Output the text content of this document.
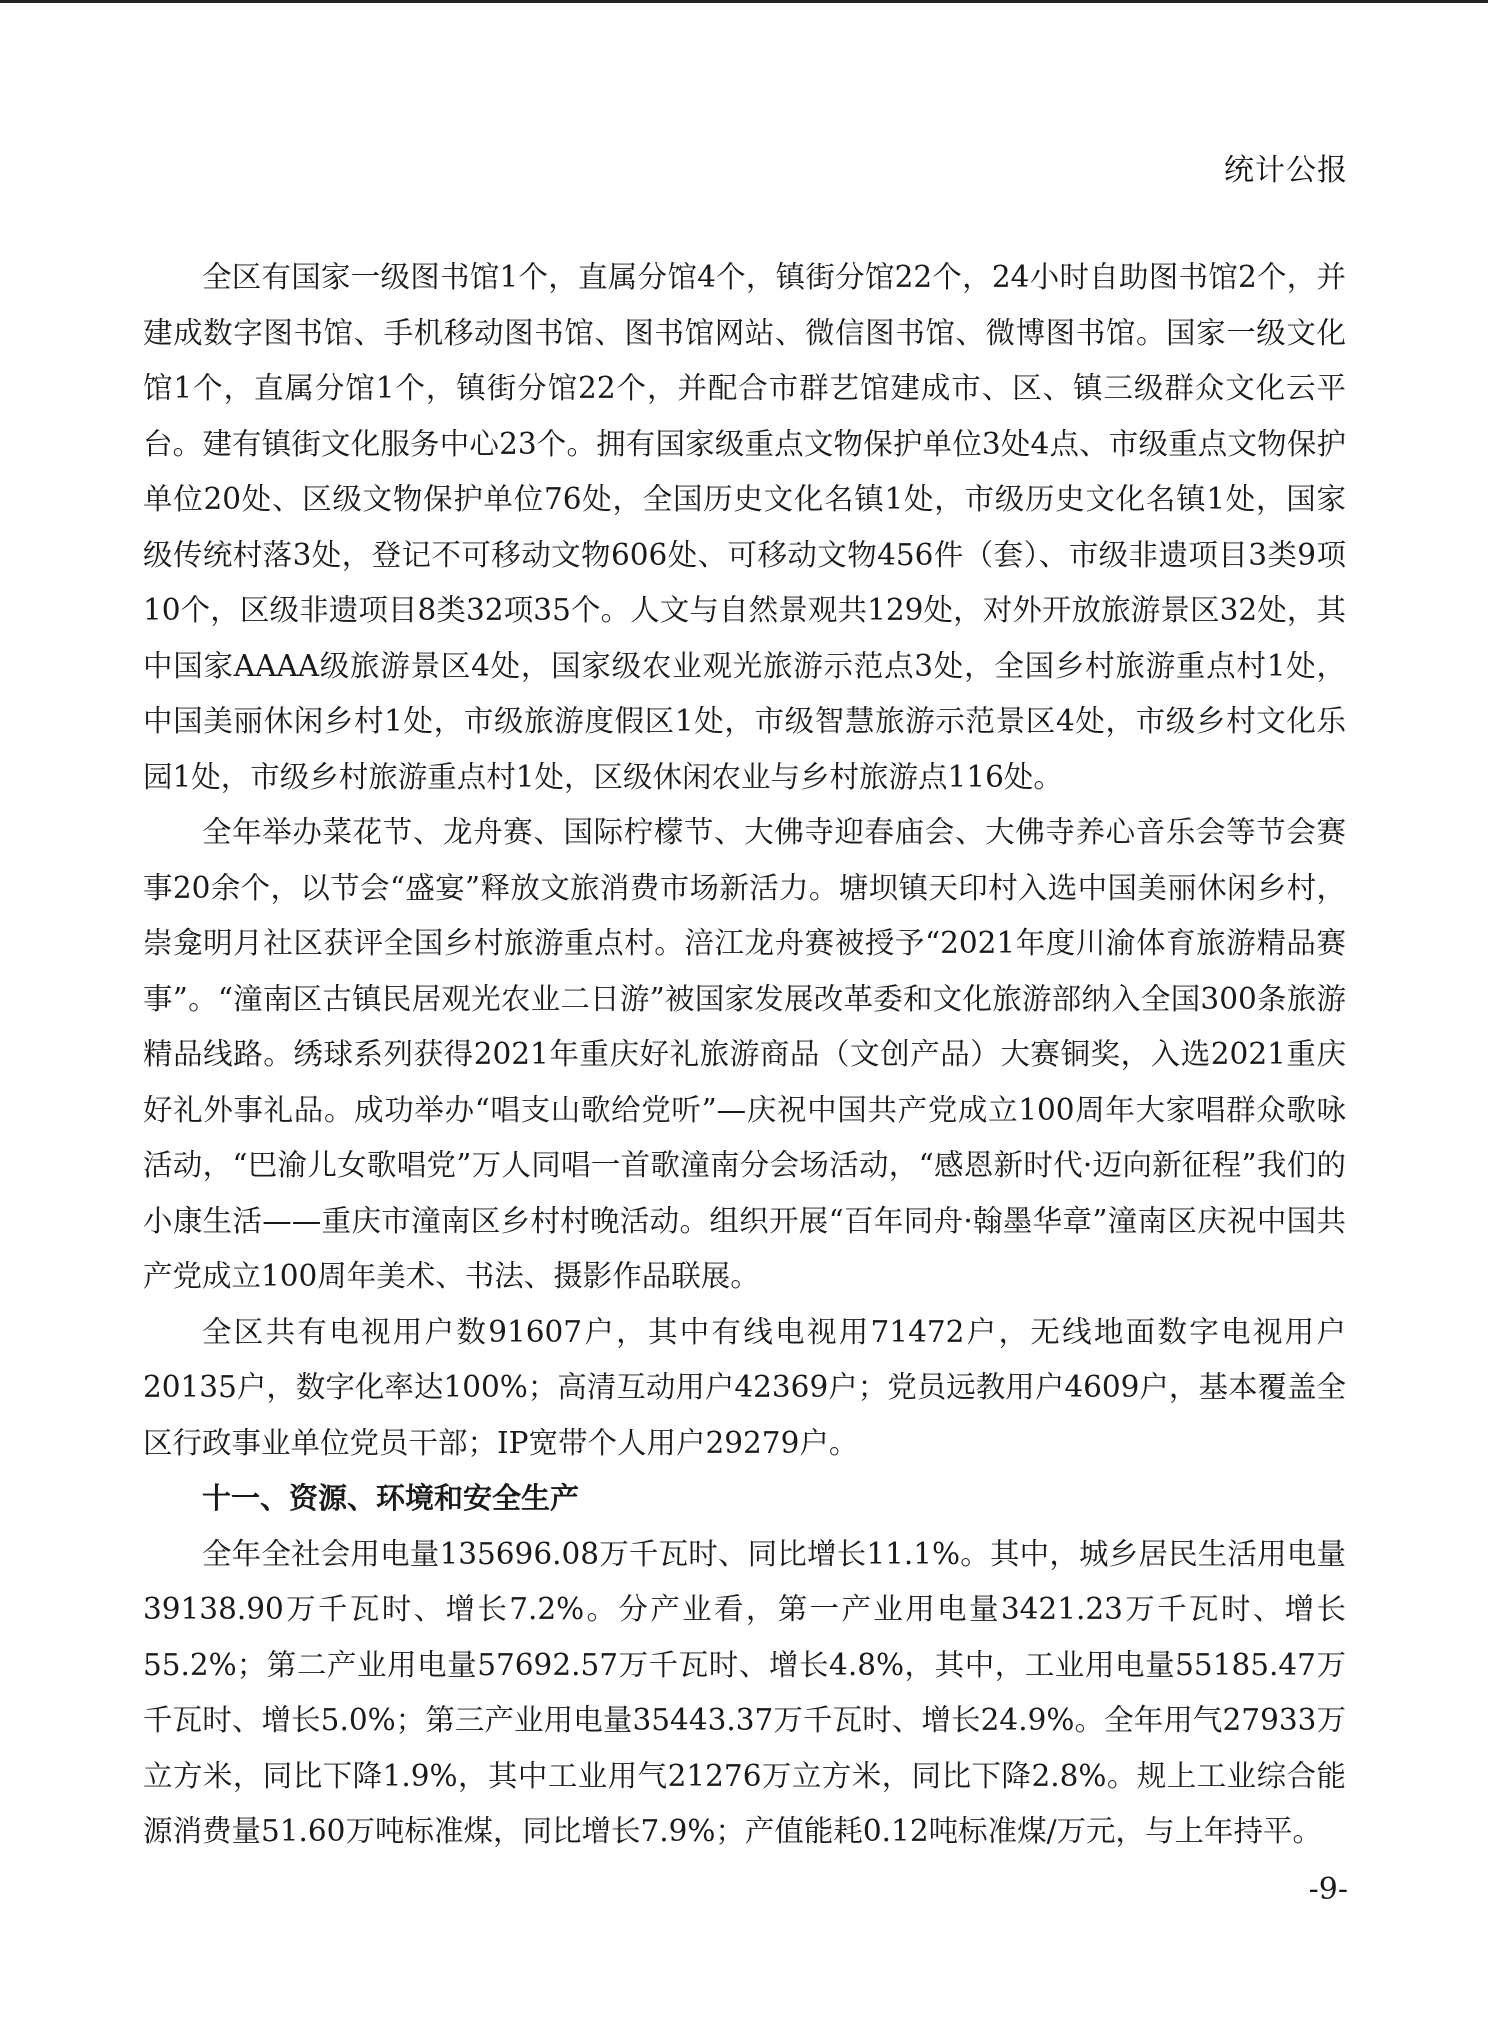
统计公报

全区有国家一级图书馆1个，直属分馆4个，镇街分馆22个，24小时自助图书馆2个，并建成数字图书馆、手机移动图书馆、图书馆网站、微信图书馆、微博图书馆。国家一级文化馆1个，直属分馆1个，镇街分馆22个，并配合市群艺馆建成市、区、镇三级群众文化云平台。建有镇街文化服务中心23个。拥有国家级重点文物保护单位3处4点、市级重点文物保护单位20处、区级文物保护单位76处，全国历史文化名镇1处，市级历史文化名镇1处，国家级传统村落3处，登记不可移动文物606处、可移动文物456件（套）、市级非遗项目3类9项10个，区级非遗项目8类32项35个。人文与自然景观共129处，对外开放旅游景区32处，其中国家AAAA级旅游景区4处，国家级农业观光旅游示范点3处，全国乡村旅游重点村1处，中国美丽休闲乡村1处，市级旅游度假区1处，市级智慧旅游示范景区4处，市级乡村文化乐园1处，市级乡村旅游重点村1处，区级休闲农业与乡村旅游点116处。

全年举办菜花节、龙舟赛、国际柠檬节、大佛寺迎春庙会、大佛寺养心音乐会等节会赛事20余个，以节会“盛宴”释放文旅消费市场新活力。塘坝镇天印村入选中国美丽休闲乡村，崇龛明月社区获评全国乡村旅游重点村。涪江龙舟赛被授予“2021年度川渝体育旅游精品赛事”。“潼南区古镇民居观光农业二日游”被国家发展改革委和文化旅游部纳入全国300条旅游精品线路。绣球系列获得2021年重庆好礼旅游商品（文创产品）大赛铜奖，入选2021重庆好礼外事礼品。成功举办“唱支山歌给党听”—庆祝中国共产党成立100周年大家唱群众歌咏活动，“巴渝儿女歌唱党”万人同唱一首歌潼南分会场活动，“感恩新时代·迈向新征程”我们的小康生活——重庆市潼南区乡村村晚活动。组织开展“百年同舟·翰墨华章”潼南区庆祝中国共产党成立100周年美术、书法、摄影作品联展。

全区共有电视用户数91607户，其中有线电视用71472户，无线地面数字电视用户20135户，数字化率达100%；高清互动用户42369户；党员远教用户4609户，基本覆盖全区行政事业单位党员干部；IP宽带个人用户29279户。

十一、资源、环境和安全生产

全年全社会用电量135696.08万千瓦时、同比增长11.1%。其中，城乡居民生活用电量39138.90万千瓦时、增长7.2%。分产业看，第一产业用电量3421.23万千瓦时、增长55.2%；第二产业用电量57692.57万千瓦时、增长4.8%，其中，工业用电量55185.47万千瓦时、增长5.0%；第三产业用电量35443.37万千瓦时、增长24.9%。全年用气27933万立方米，同比下降1.9%，其中工业用气21276万立方米，同比下降2.8%。规上工业综合能源消费量51.60万吨标准煤，同比增长7.9%；产值能耗0.12吨标准煤/万元，与上年持平。

-9-
